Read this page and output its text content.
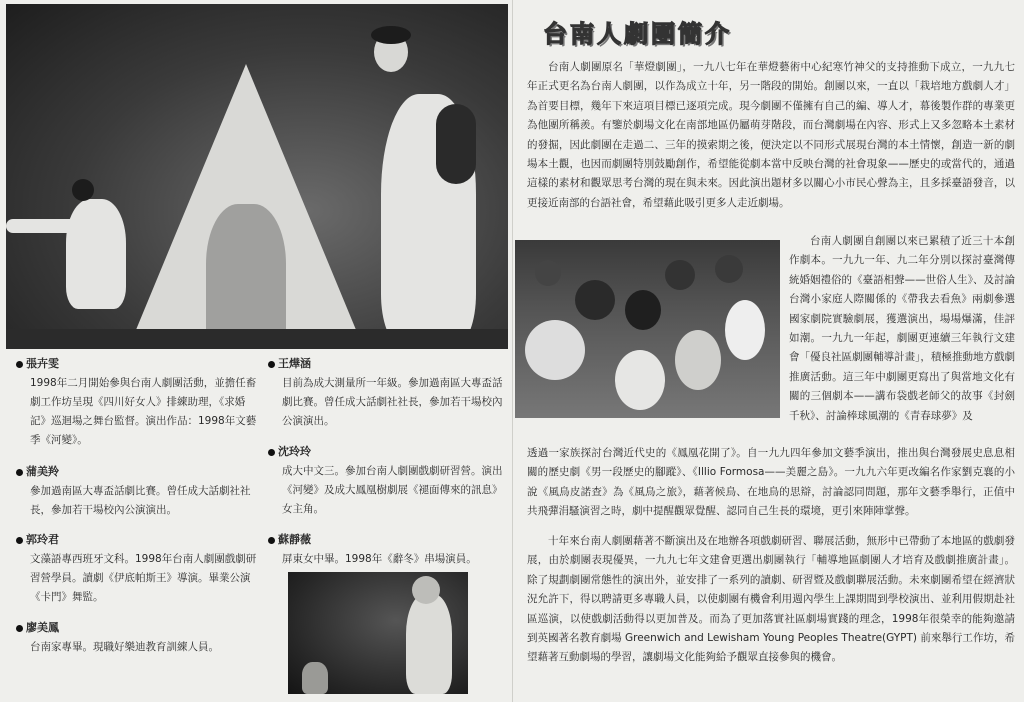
張卉雯
1998年二月開始參與台南人劇團活動，並擔任畜劇工作坊呈現《四川好女人》排練助理，《求婚記》巡迴場之舞台監督。演出作品：1998年文藝季《河變》。
蒲美羚
參加過南區大專盃話劇比賽。曾任成大話劇社社長，參加若干場校內公演演出。
郭玲君
文藻語專西班牙文科。1998年台南人劇團戲劇研習營學員。讀劇《伊底帕斯王》導演。畢業公演《卡門》舞監。
廖美鳳
台南家專畢。現職好樂迪教育訓練人員。
王燁涵
目前為成大測量所一年級。參加過南區大專盃話劇比賽。曾任成大話劇社社長，參加若干場校內公演演出。
沈玲玲
成大中文三。參加台南人劇團戲劇研習營。演出《河變》及成大鳳凰樹劇展《褪面傳來的訊息》女主角。
蘇靜薇
屏東女中畢。1998年《辭冬》串場演員。
台南人劇團簡介
台南人劇團原名「華燈劇團」，一九八七年在華燈藝術中心紀寒竹神父的支持推動下成立，一九九七年正式更名為台南人劇團，以作為成立十年，另一階段的開始。創團以來，一直以「栽培地方戲劇人才」為首要目標，幾年下來這項目標已逐項完成。現今劇團不僅擁有自己的編、導人才，幕後製作群的專業更為他團所稱羨。有鑒於劇場文化在南部地區仍屬萌芽階段，而台灣劇場在內容、形式上又多忽略本土素材的發掘，因此劇團在走過二、三年的摸索期之後，便決定以不同形式展現台灣的本土情懷，創造一新的劇場本土觀，也因而劇團特別鼓勵創作，希望能從劇本當中反映台灣的社會現象——歷史的或當代的，通過這樣的素材和觀眾思考台灣的現在與未來。因此演出題材多以關心小市民心聲為主，且多採臺語發音，以更接近南部的台語社會，希望藉此吸引更多人走近劇場。
台南人劇團自創團以來已累積了近三十本創作劇本。一九九一年、九二年分別以探討臺灣傳統婚姻禮俗的《臺語相聲——世俗人生》、及討論台灣小家庭人際關係的《帶我去看魚》兩劇參選國家劇院實驗劇展，獲選演出，場場爆滿，佳評如潮。一九九一年起，劇團更連續三年執行文建會「優良社區劇團輔導計畫」，積極推動地方戲劇推廣活動。這三年中劇團更寫出了與當地文化有關的三個劇本——講布袋戲老師父的故事《封劍千秋》、討論棒球風潮的《青春球夢》及
透過一家族探討台灣近代史的《鳳凰花開了》。自一九九四年參加文藝季演出，推出與台灣發展史息息相關的歷史劇《男一段歷史的腳蹤》、《Illio Formosa——美麗之島》。一九九六年更改編名作家劉克襄的小說《風鳥皮諾查》為《風鳥之旅》，藉著候鳥、在地鳥的思辯，討論認同問題，那年文藝季舉行，正值中共飛彈涓騷演習之時，劇中提醒觀眾覺醒、認同自己生長的環境，更引來陣陣掌聲。
十年來台南人劇團藉著不斷演出及在地辦各項戲劇研習、聯展活動，無形中已帶動了本地區的戲劇發展，由於劇團表現優異，一九九七年文建會更選出劇團執行「輔導地區劇團人才培育及戲劇推廣計畫」。除了規劃劇團常態性的演出外，並安排了一系列的讀劇、研習暨及戲劇聯展活動。未來劇團希望在經濟狀況允許下，得以聘請更多專職人員，以使劇團有機會利用週內學生上課期間到學校演出、並利用假期赴社區巡演，以使戲劇活動得以更加普及。而為了更加落實社區劇場實踐的理念，1998年很榮幸的能夠邀請到英國著名教育劇場 Greenwich and Lewisham Young Peoples Theatre(GYPT) 前來舉行工作坊，希望藉著互動劇場的學習，讓劇場文化能夠給予觀眾直接參與的機會。
